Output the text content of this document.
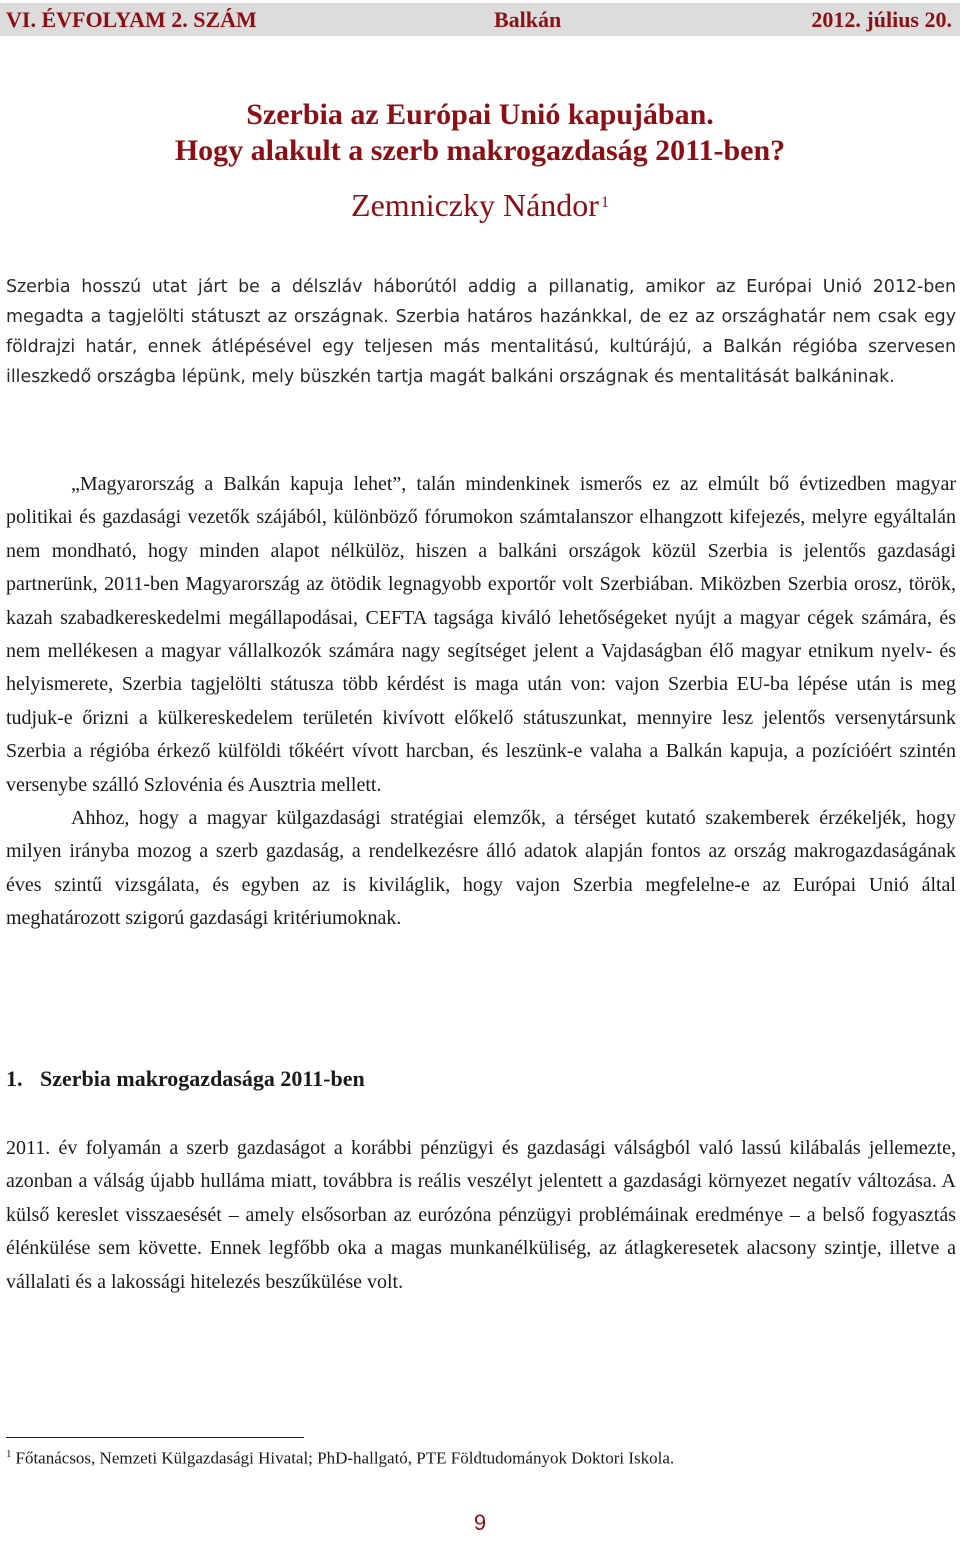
VI. ÉVFOLYAM 2. SZÁM	Balkán	2012. július 20.
Szerbia az Európai Unió kapujában.
Hogy alakult a szerb makrogazdaság 2011-ben?
Zemniczky Nándor $^1$

Szerbia hosszú utat járt be a délszláv háborútól addig a pillanatig, amikor az Európai Unió 2012-ben megadta a tagjelölti státuszt az országnak. Szerbia határos hazánkkal, de ez az országhatár nem csak egy földrajzi határ, ennek átlépésével egy teljesen más mentalitású, kultúrájú, a Balkán régióba szervesen illeszkedő országba lépünk, mely büszkén tartja magát balkáni országnak és mentalitását balkáninak.

„Magyarország a Balkán kapuja lehet”, talán mindenkinek ismerős ez az elmúlt bő évtizedben magyar politikai és gazdasági vezetők szájából, különböző fórumokon számtalanszor elhangzott kifejezés, melyre egyáltalán nem mondható, hogy minden alapot nélkülöz, hiszen a balkáni országok közül Szerbia is jelentős gazdasági partnerünk, 2011-ben Magyarország az ötödik legnagyobb exportőr volt Szerbiában. Miközben Szerbia orosz, török, kazah szabadkereskedelmi megállapodásai, CEFTA tagsága kiváló lehetőségeket nyújt a magyar cégek számára, és nem mellékesen a magyar vállalkozók számára nagy segítséget jelent a Vajdaságban élő magyar etnikum nyelv- és helyismerete, Szerbia tagjelölti státusza több kérdést is maga után von: vajon Szerbia EU-ba lépése után is meg tudjuk-e őrizni a külkereskedelem területén kivívott előkelő státuszunkat, mennyire lesz jelentős versenytársunk Szerbia a régióba érkező külföldi tőkéért vívott harcban, és leszünk-e valaha a Balkán kapuja, a pozícióért szintén versenybe szálló Szlovénia és Ausztria mellett.

Ahhoz, hogy a magyar külgazdasági stratégiai elemzők, a térséget kutató szakemberek érzékeljék, hogy milyen irányba mozog a szerb gazdaság, a rendelkezésre álló adatok alapján fontos az ország makrogazdaságának éves szintű vizsgálata, és egyben az is kiviláglik, hogy vajon Szerbia megfelelne-e az Európai Unió által meghatározott szigorú gazdasági kritériumoknak.

1. Szerbia makrogazdasága 2011-ben

2011. év folyamán a szerb gazdaságot a korábbi pénzügyi és gazdasági válságból való lassú kilábalás jellemezte, azonban a válság újabb hulláma miatt, továbbra is reális veszélyt jelentett a gazdasági környezet negatív változása. A külső kereslet visszaesését – amely elsősorban az eurózóna pénzügyi problémáinak eredménye – a belső fogyasztás élénkülése sem követte. Ennek legfőbb oka a magas munkanélküliség, az átlagkeresetek alacsony szintje, illetve a vállalati és a lakossági hitelezés beszűkülése volt.

$^1$ Főtanácsos, Nemzeti Külgazdasági Hivatal; PhD-hallgató, PTE Földtudományok Doktori Iskola.
9
